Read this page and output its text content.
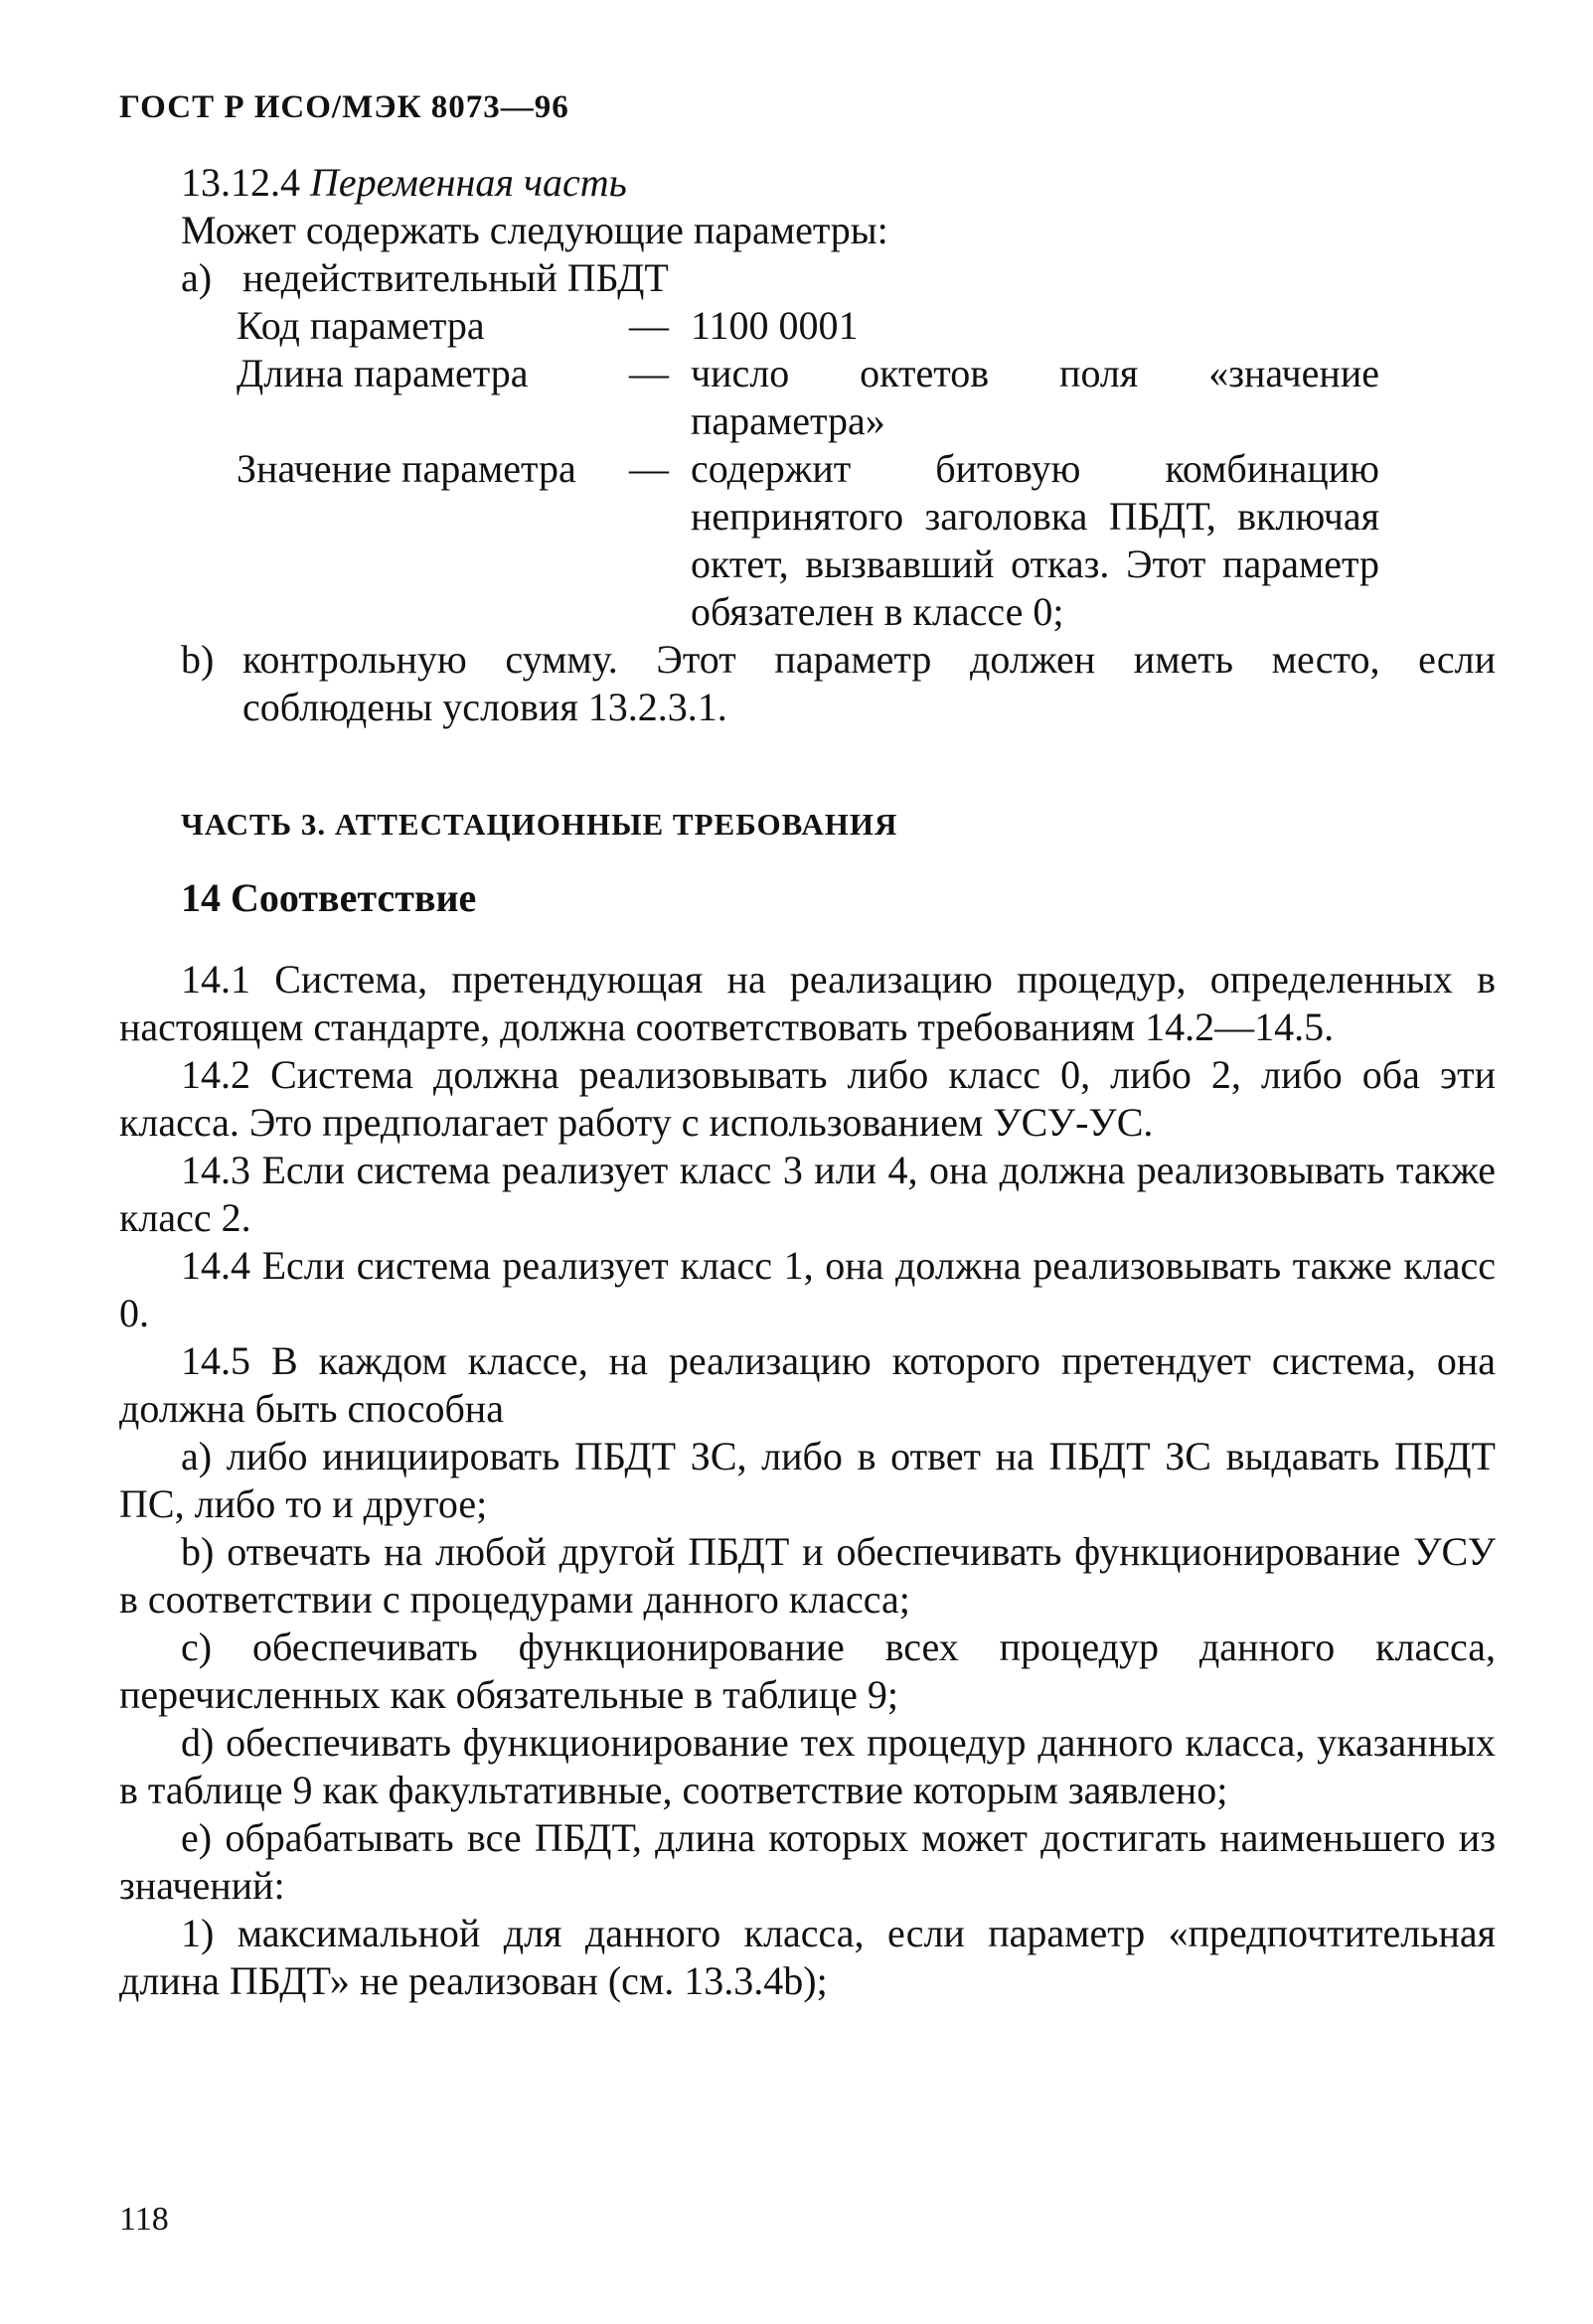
ГОСТ Р ИСО/МЭК 8073—96
13.12.4 Переменная часть
Может содержать следующие параметры:
а) недействительный ПБДТ
Код параметра	— 1100 0001
Длина параметра	— число октетов поля «значение параметра»
Значение параметра	— содержит битовую комбинацию непринятого заголовка ПБДТ, включая октет, вызвавший отказ. Этот параметр обязателен в классе 0;
b) контрольную сумму. Этот параметр должен иметь место, если соблюдены условия 13.2.3.1.
ЧАСТЬ 3. АТТЕСТАЦИОННЫЕ ТРЕБОВАНИЯ
14 Соответствие

14.1 Система, претендующая на реализацию процедур, определенных в настоящем стандарте, должна соответствовать требованиям 14.2—14.5.

14.2 Система должна реализовывать либо класс 0, либо 2, либо оба эти класса. Это предполагает работу с использованием УСУ-УС.

14.3 Если система реализует класс 3 или 4, она должна реализовывать также класс 2.

14.4 Если система реализует класс 1, она должна реализовывать также класс 0.

14.5 В каждом классе, на реализацию которого претендует система, она должна быть способна

a) либо инициировать ПБДТ ЗС, либо в ответ на ПБДТ ЗС выдавать ПБДТ ПС, либо то и другое;

b) отвечать на любой другой ПБДТ и обеспечивать функционирование УСУ в соответствии с процедурами данного класса;

c) обеспечивать функционирование всех процедур данного класса, перечисленных как обязательные в таблице 9;

d) обеспечивать функционирование тех процедур данного класса, указанных в таблице 9 как факультативные, соответствие которым заявлено;

e) обрабатывать все ПБДТ, длина которых может достигать наименьшего из значений:

1) максимальной для данного класса, если параметр «предпочтительная длина ПБДТ» не реализован (см. 13.3.4b);

118
